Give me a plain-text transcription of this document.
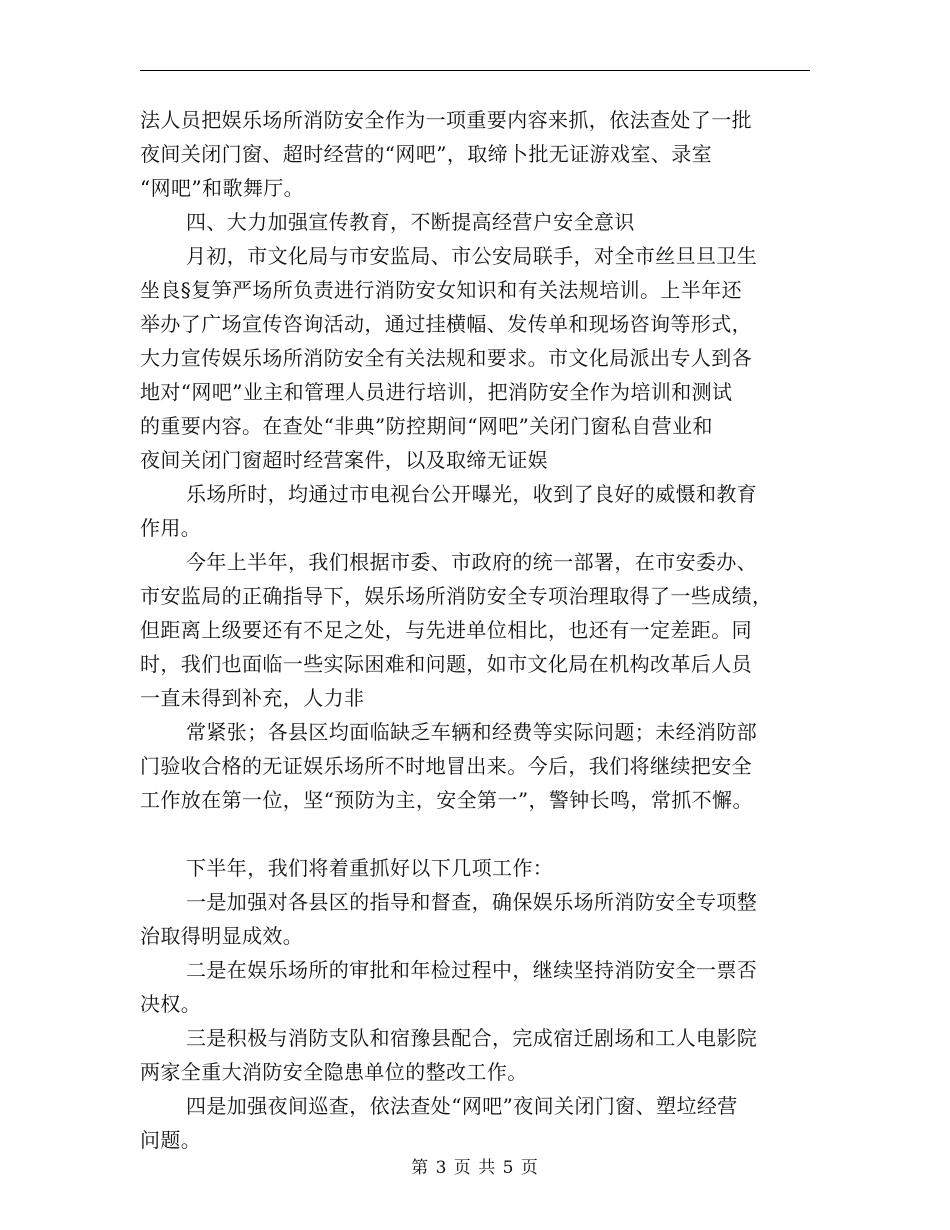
法人员把娱乐场所消防安全作为一项重要内容来抓，依法查处了一批
夜间关闭门窗、超时经营的“网吧”，取缔卜批无证游戏室、录室
“网吧”和歌舞厅。
四、大力加强宣传教育，不断提高经营户安全意识
月初，市文化局与市安监局、市公安局联手，对全市丝旦旦卫生
坐良§复笋严场所负责进行消防安女知识和有关法规培训。上半年还
举办了广场宣传咨询活动，通过挂横幅、发传单和现场咨询等形式，
大力宣传娱乐场所消防安全有关法规和要求。市文化局派出专人到各
地对“网吧”业主和管理人员进行培训，把消防安全作为培训和测试
的重要内容。在查处“非典”防控期间“网吧”关闭门窗私自营业和
夜间关闭门窗超时经营案件，以及取缔无证娱
乐场所时，均通过市电视台公开曝光，收到了良好的威慑和教育
作用。
今年上半年，我们根据市委、市政府的统一部署，在市安委办、
市安监局的正确指导下，娱乐场所消防安全专项治理取得了一些成绩，
但距离上级要还有不足之处，与先进单位相比，也还有一定差距。同
时，我们也面临一些实际困难和问题，如市文化局在机构改革后人员
一直未得到补充，人力非
常紧张；各县区均面临缺乏车辆和经费等实际问题；未经消防部
门验收合格的无证娱乐场所不时地冒出来。今后，我们将继续把安全
工作放在第一位，坚“预防为主，安全第一”，警钟长鸣，常抓不懈。
下半年，我们将着重抓好以下几项工作：
一是加强对各县区的指导和督查，确保娱乐场所消防安全专项整
治取得明显成效。
二是在娱乐场所的审批和年检过程中，继续坚持消防安全一票否
决权。
三是积极与消防支队和宿豫县配合，完成宿迁剧场和工人电影院
两家全重大消防安全隐患单位的整改工作。
四是加强夜间巡查，依法查处“网吧”夜间关闭门窗、塑垃经营
问题。
第 3 页 共 5 页
